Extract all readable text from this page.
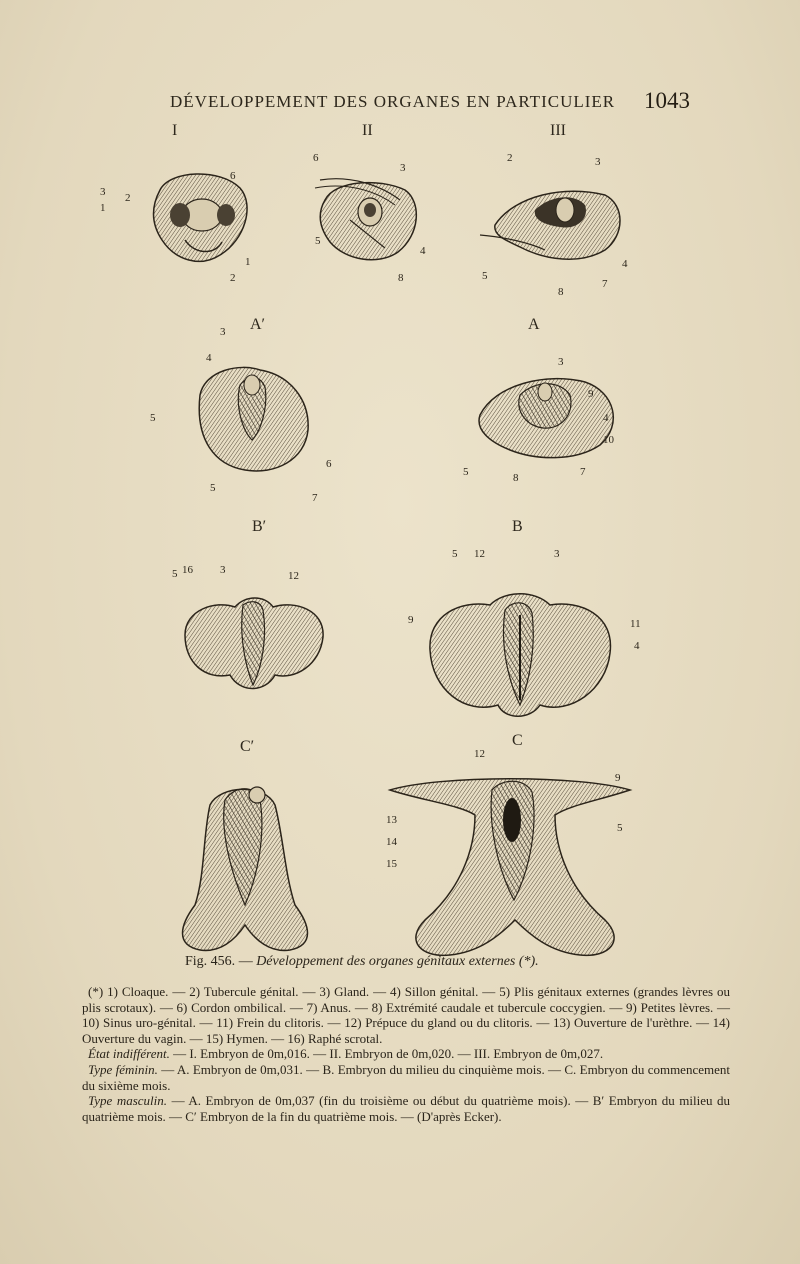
DÉVELOPPEMENT DES ORGANES EN PARTICULIER 1043
I	II	III
3 2
1
6
1
2
6
3
5
4
8
2	3
4
5
8
7
A′	A
3
4
5
6
5
7
3
9
4
10
5	8	7
B′	B
5 16 3	12
5 12	3
9	11
4
C′	C
12
9
13
14
5
15
Fig. 456. — Développement des organes génitaux externes (*).

(*) 1) Cloaque. — 2) Tubercule génital. — 3) Gland. — 4) Sillon génital. — 5) Plis génitaux externes (grandes lèvres ou plis scrotaux). — 6) Cordon ombilical. — 7) Anus. — 8) Extrémité caudale et tubercule coccygien. — 9) Petites lèvres. — 10) Sinus uro-génital. — 11) Frein du clitoris. — 12) Prépuce du gland ou du clitoris. — 13) Ouverture de l'urèthre. — 14) Ouverture du vagin. — 15) Hymen. — 16) Raphé scrotal.

État indifférent. — I. Embryon de 0m,016. — II. Embryon de 0m,020. — III. Embryon de 0m,027.

Type féminin. — A. Embryon de 0m,031. — B. Embryon du milieu du cinquième mois. — C. Embryon du commencement du sixième mois.

Type masculin. — A. Embryon de 0m,037 (fin du troisième ou début du quatrième mois). — B′ Embryon du milieu du quatrième mois. — C′ Embryon de la fin du quatrième mois. — (D'après Ecker).
